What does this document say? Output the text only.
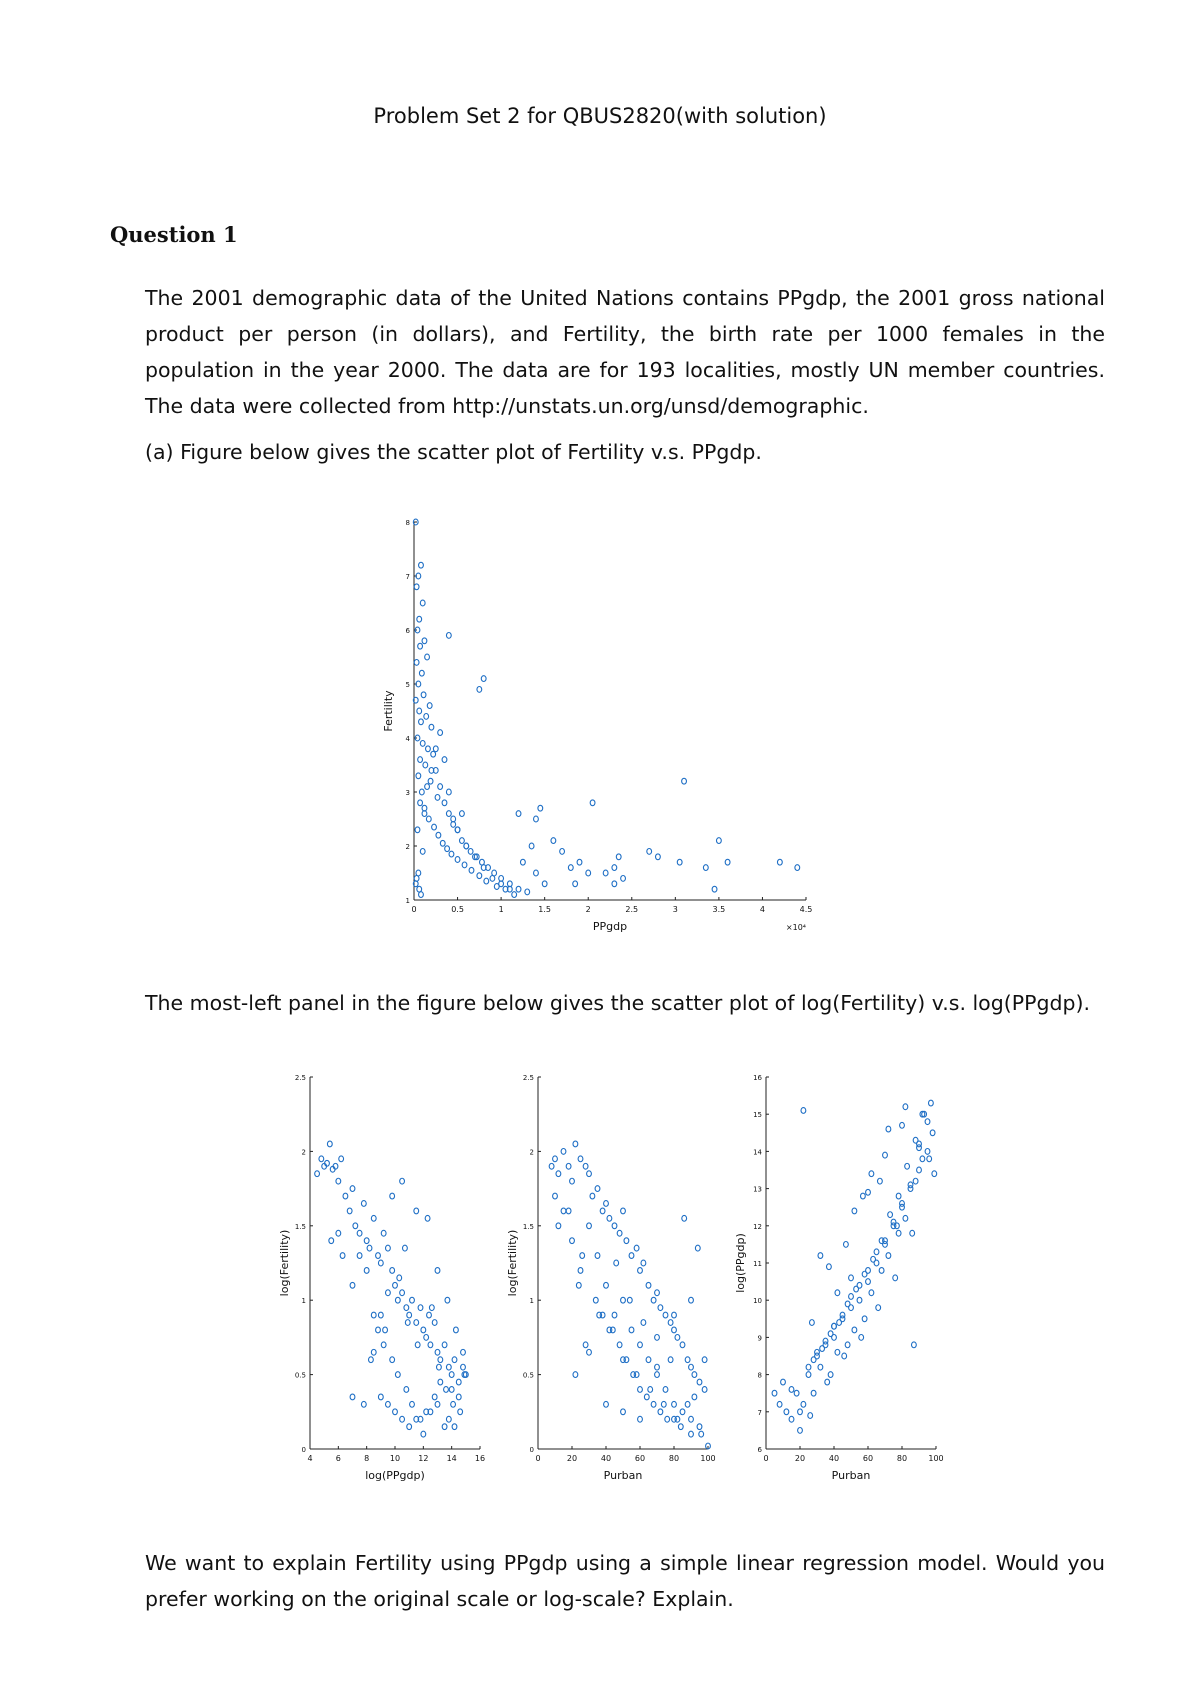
Problem Set 2 for QBUS2820(with solution)
Question 1
The 2001 demographic data of the United Nations contains PPgdp, the 2001 gross national product per person (in dollars), and Fertility, the birth rate per 1000 females in the population in the year 2000. The data are for 193 localities, mostly UN member countries. The data were collected from http://unstats.un.org/unsd/demographic.
(a) Figure below gives the scatter plot of Fertility v.s. PPgdp.
0	0.5	1	1.5	2	2.5	3	3.5	4	4.5
1
2
3
4
5
6
7
8
PPgdp
Fertility
×10⁴
The most-left panel in the figure below gives the scatter plot of log(Fertility) v.s. log(PPgdp).
4	6	8	10 12 14 16
0
0.5
1
1.5
2
2.5
log(PPgdp)
log(Fertility)
0	20	40	60	80	100
0
0.5
1
1.5
2
2.5
Purban
log(Fertility)
0	20	40	60	80	100
6
7
8
9
10
11
12
13
14
15
16
Purban
log(PPgdp)
We want to explain Fertility using PPgdp using a simple linear regression model. Would you prefer working on the original scale or log-scale? Explain.
